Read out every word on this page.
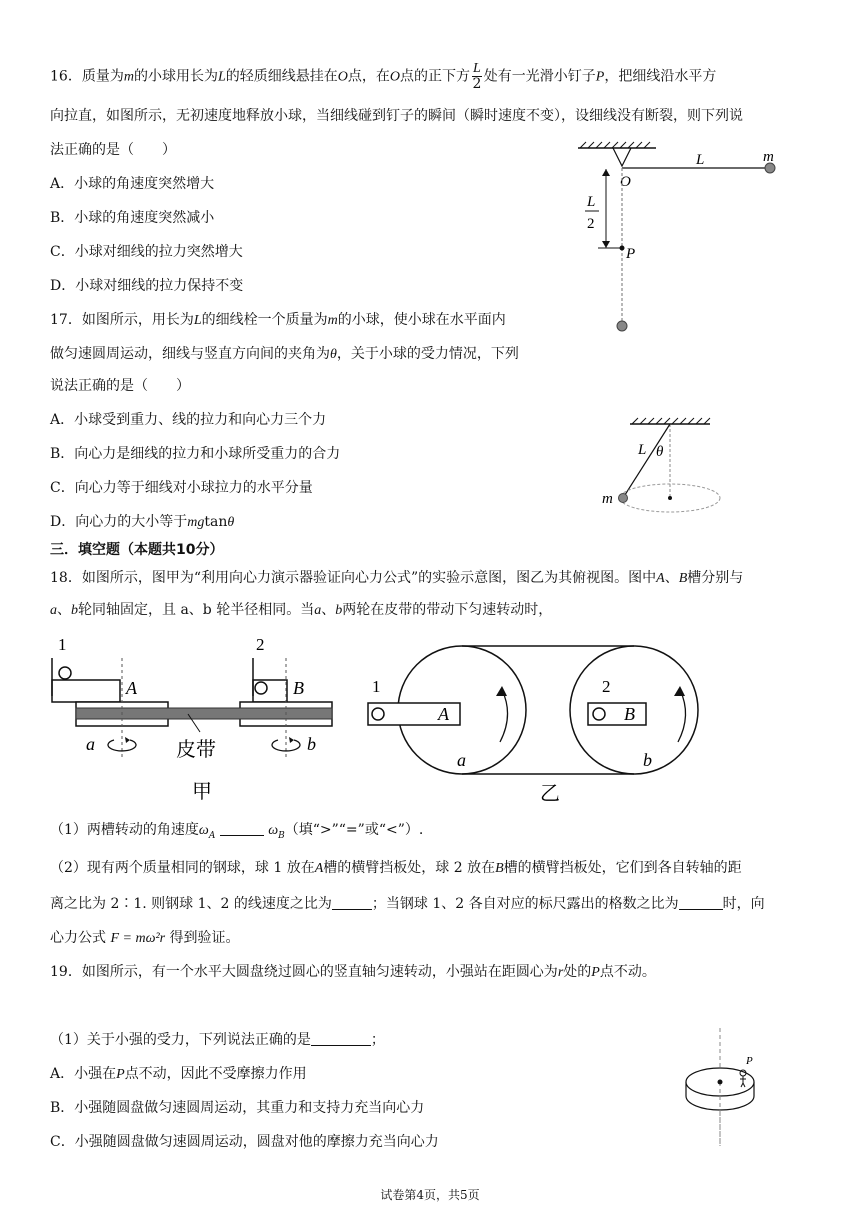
16．质量为m的小球用长为L的轻质细线悬挂在O点，在O点的正下方 $\frac{L}{2}$ 处有一光滑小钉子P，把细线沿水平方
向拉直，如图所示，无初速度地释放小球，当细线碰到钉子的瞬间（瞬时速度不变），设细线没有断裂，则下列说
法正确的是（　　）
A．小球的角速度突然增大
B．小球的角速度突然减小
C．小球对细线的拉力突然增大
D．小球对细线的拉力保持不变
L	m
O
L
2
P
17．如图所示，用长为L的细线栓一个质量为m的小球，使小球在水平面内
做匀速圆周运动，细线与竖直方向间的夹角为θ，关于小球的受力情况，下列
说法正确的是（　　）
A．小球受到重力、线的拉力和向心力三个力
B．向心力是细线的拉力和小球所受重力的合力
C．向心力等于细线对小球拉力的水平分量
D．向心力的大小等于mgtanθ
L θ
m
三．填空题（本题共10分）
18．如图所示，图甲为“利用向心力演示器验证向心力公式”的实验示意图，图乙为其俯视图。图中A、B槽分别与
a、b轮同轴固定，且 a、b 轮半径相同。当a、b两轮在皮带的带动下匀速转动时，
1	2
A	B
a	b
皮带
甲
1
A
2
B
a	b
乙
（1）两槽转动的角速度$\omega_A$	$\omega_B$（填“>”“=”或“<”）.
（2）现有两个质量相同的钢球，球 1 放在A槽的横臂挡板处，球 2 放在B槽的横臂挡板处，它们到各自转轴的距
离之比为 2∶1. 则钢球 1、2 的线速度之比为	；当钢球 1、2 各自对应的标尺露出的格数之比为	时，向
心力公式 F = mω²r 得到验证。
19．如图所示，有一个水平大圆盘绕过圆心的竖直轴匀速转动，小强站在距圆心为r处的P点不动。
（1）关于小强的受力，下列说法正确的是	；
A．小强在P点不动，因此不受摩擦力作用
B．小强随圆盘做匀速圆周运动，其重力和支持力充当向心力
C．小强随圆盘做匀速圆周运动，圆盘对他的摩擦力充当向心力
P
试卷第4页，共5页
